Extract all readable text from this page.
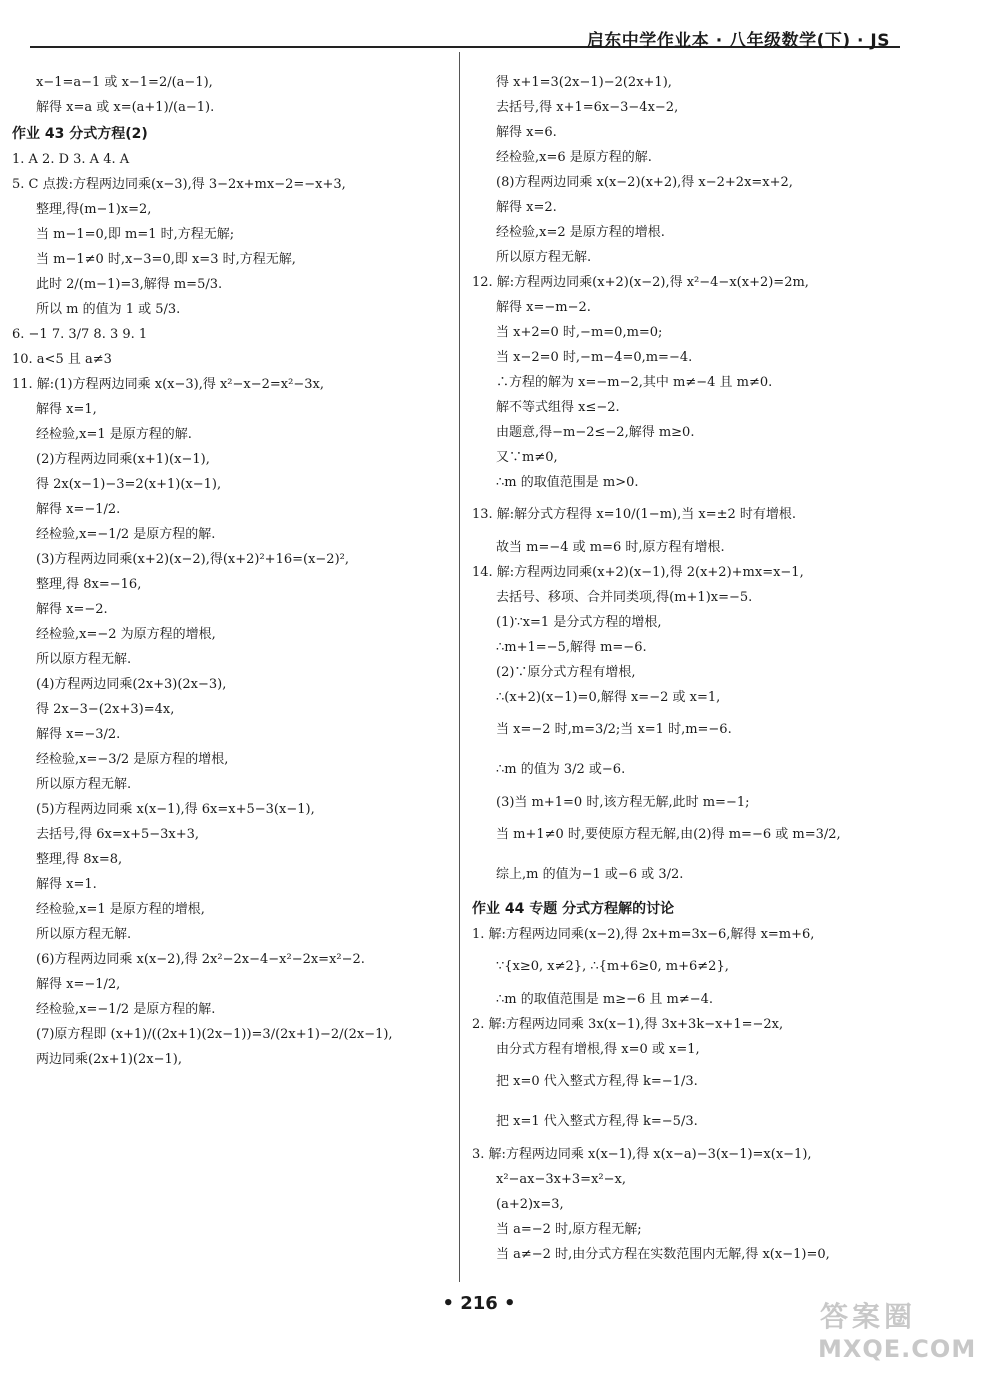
启东中学作业本 · 八年级数学(下) · JS
x−1=a−1 或 x−1=2/(a−1),
解得 x=a 或 x=(a+1)/(a−1).
作业 43 分式方程(2)
1. A 2. D 3. A 4. A
5. C 点拨:方程两边同乘(x−3),得 3−2x+mx−2=−x+3,
整理,得(m−1)x=2,
当 m−1=0,即 m=1 时,方程无解;
当 m−1≠0 时,x−3=0,即 x=3 时,方程无解,
此时 2/(m−1)=3,解得 m=5/3.
所以 m 的值为 1 或 5/3.
6. −1 7. 3/7 8. 3 9. 1
10. a<5 且 a≠3
11. 解:(1)方程两边同乘 x(x−3),得 x²−x−2=x²−3x,
解得 x=1,
经检验,x=1 是原方程的解.
(2)方程两边同乘(x+1)(x−1),
得 2x(x−1)−3=2(x+1)(x−1),
解得 x=−1/2.
经检验,x=−1/2 是原方程的解.
(3)方程两边同乘(x+2)(x−2),得(x+2)²+16=(x−2)²,
整理,得 8x=−16,
解得 x=−2.
经检验,x=−2 为原方程的增根,
所以原方程无解.
(4)方程两边同乘(2x+3)(2x−3),
得 2x−3−(2x+3)=4x,
解得 x=−3/2.
经检验,x=−3/2 是原方程的增根,
所以原方程无解.
(5)方程两边同乘 x(x−1),得 6x=x+5−3(x−1),
去括号,得 6x=x+5−3x+3,
整理,得 8x=8,
解得 x=1.
经检验,x=1 是原方程的增根,
所以原方程无解.
(6)方程两边同乘 x(x−2),得 2x²−2x−4−x²−2x=x²−2.
解得 x=−1/2,
经检验,x=−1/2 是原方程的解.
(7)原方程即 (x+1)/((2x+1)(2x−1))=3/(2x+1)−2/(2x−1),
两边同乘(2x+1)(2x−1),
得 x+1=3(2x−1)−2(2x+1),
去括号,得 x+1=6x−3−4x−2,
解得 x=6.
经检验,x=6 是原方程的解.
(8)方程两边同乘 x(x−2)(x+2),得 x−2+2x=x+2,
解得 x=2.
经检验,x=2 是原方程的增根.
所以原方程无解.
12. 解:方程两边同乘(x+2)(x−2),得 x²−4−x(x+2)=2m,
解得 x=−m−2.
当 x+2=0 时,−m=0,m=0;
当 x−2=0 时,−m−4=0,m=−4.
∴方程的解为 x=−m−2,其中 m≠−4 且 m≠0.
解不等式组得 x≤−2.
由题意,得−m−2≤−2,解得 m≥0.
又∵m≠0,
∴m 的取值范围是 m>0.
13. 解:解分式方程得 x=10/(1−m),当 x=±2 时有增根.
故当 m=−4 或 m=6 时,原方程有增根.
14. 解:方程两边同乘(x+2)(x−1),得 2(x+2)+mx=x−1,
去括号、移项、合并同类项,得(m+1)x=−5.
(1)∵x=1 是分式方程的增根,
∴m+1=−5,解得 m=−6.
(2)∵原分式方程有增根,
∴(x+2)(x−1)=0,解得 x=−2 或 x=1,
当 x=−2 时,m=3/2;当 x=1 时,m=−6.
∴m 的值为 3/2 或−6.
(3)当 m+1=0 时,该方程无解,此时 m=−1;
当 m+1≠0 时,要使原方程无解,由(2)得 m=−6 或 m=3/2,
综上,m 的值为−1 或−6 或 3/2.
作业 44 专题 分式方程解的讨论
1. 解:方程两边同乘(x−2),得 2x+m=3x−6,解得 x=m+6,
∵{x≥0, x≠2}, ∴{m+6≥0, m+6≠2},
∴m 的取值范围是 m≥−6 且 m≠−4.
2. 解:方程两边同乘 3x(x−1),得 3x+3k−x+1=−2x,
由分式方程有增根,得 x=0 或 x=1,
把 x=0 代入整式方程,得 k=−1/3.
把 x=1 代入整式方程,得 k=−5/3.
3. 解:方程两边同乘 x(x−1),得 x(x−a)−3(x−1)=x(x−1),
x²−ax−3x+3=x²−x,
(a+2)x=3,
当 a=−2 时,原方程无解;
当 a≠−2 时,由分式方程在实数范围内无解,得 x(x−1)=0,
• 216 •	答案圈
MXQE.COM
